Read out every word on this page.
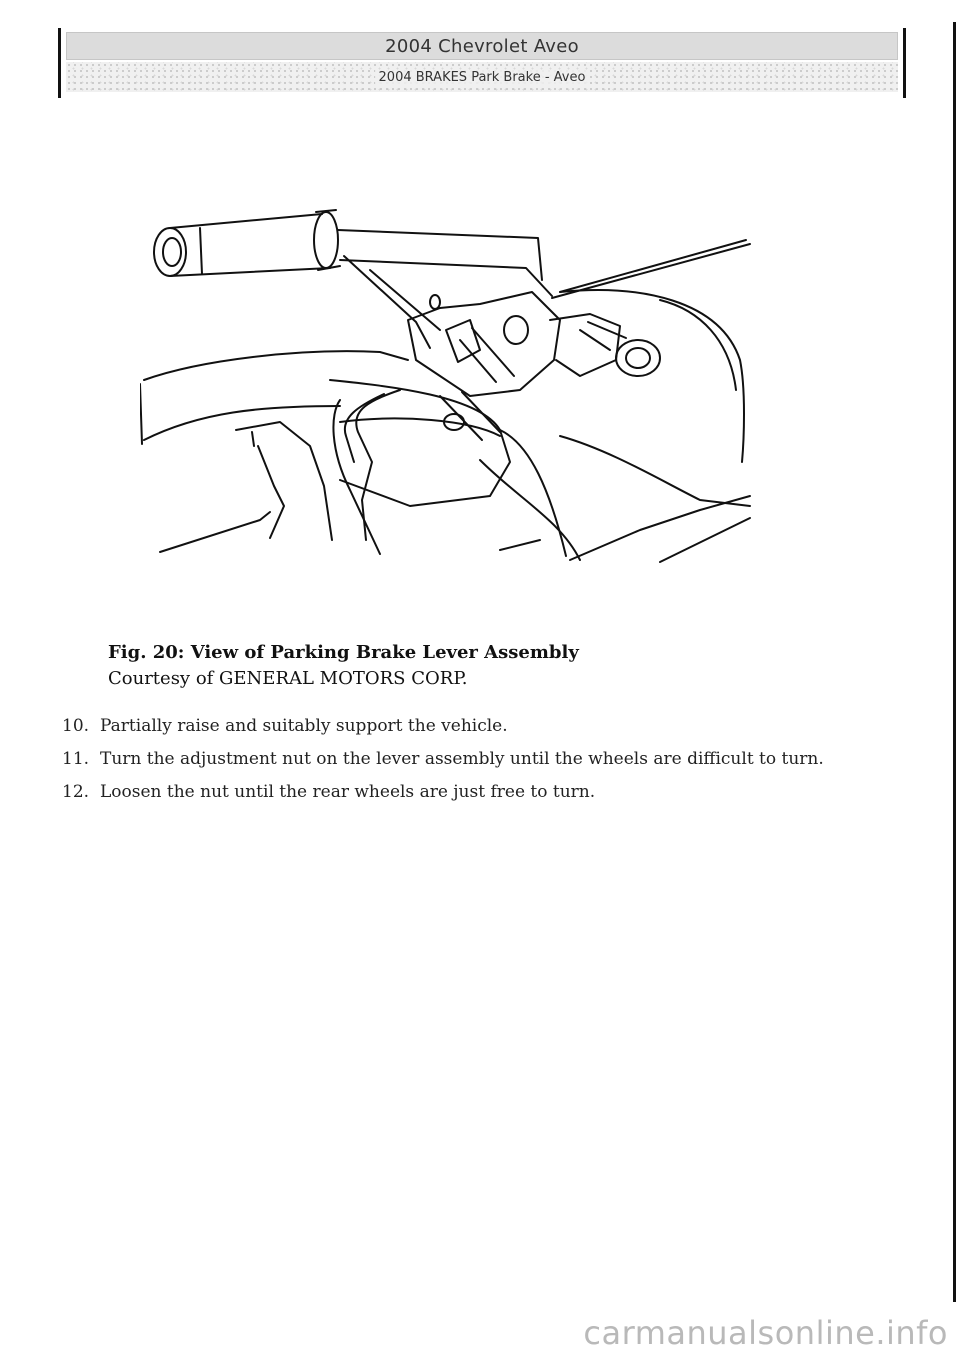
2004 Chevrolet Aveo
2004 BRAKES Park Brake - Aveo
Fig. 20: View of Parking Brake Lever Assembly
Courtesy of GENERAL MOTORS CORP.
10. Partially raise and suitably support the vehicle.
11. Turn the adjustment nut on the lever assembly until the wheels are difficult to turn.
12. Loosen the nut until the rear wheels are just free to turn.
carmanualsonline.info
